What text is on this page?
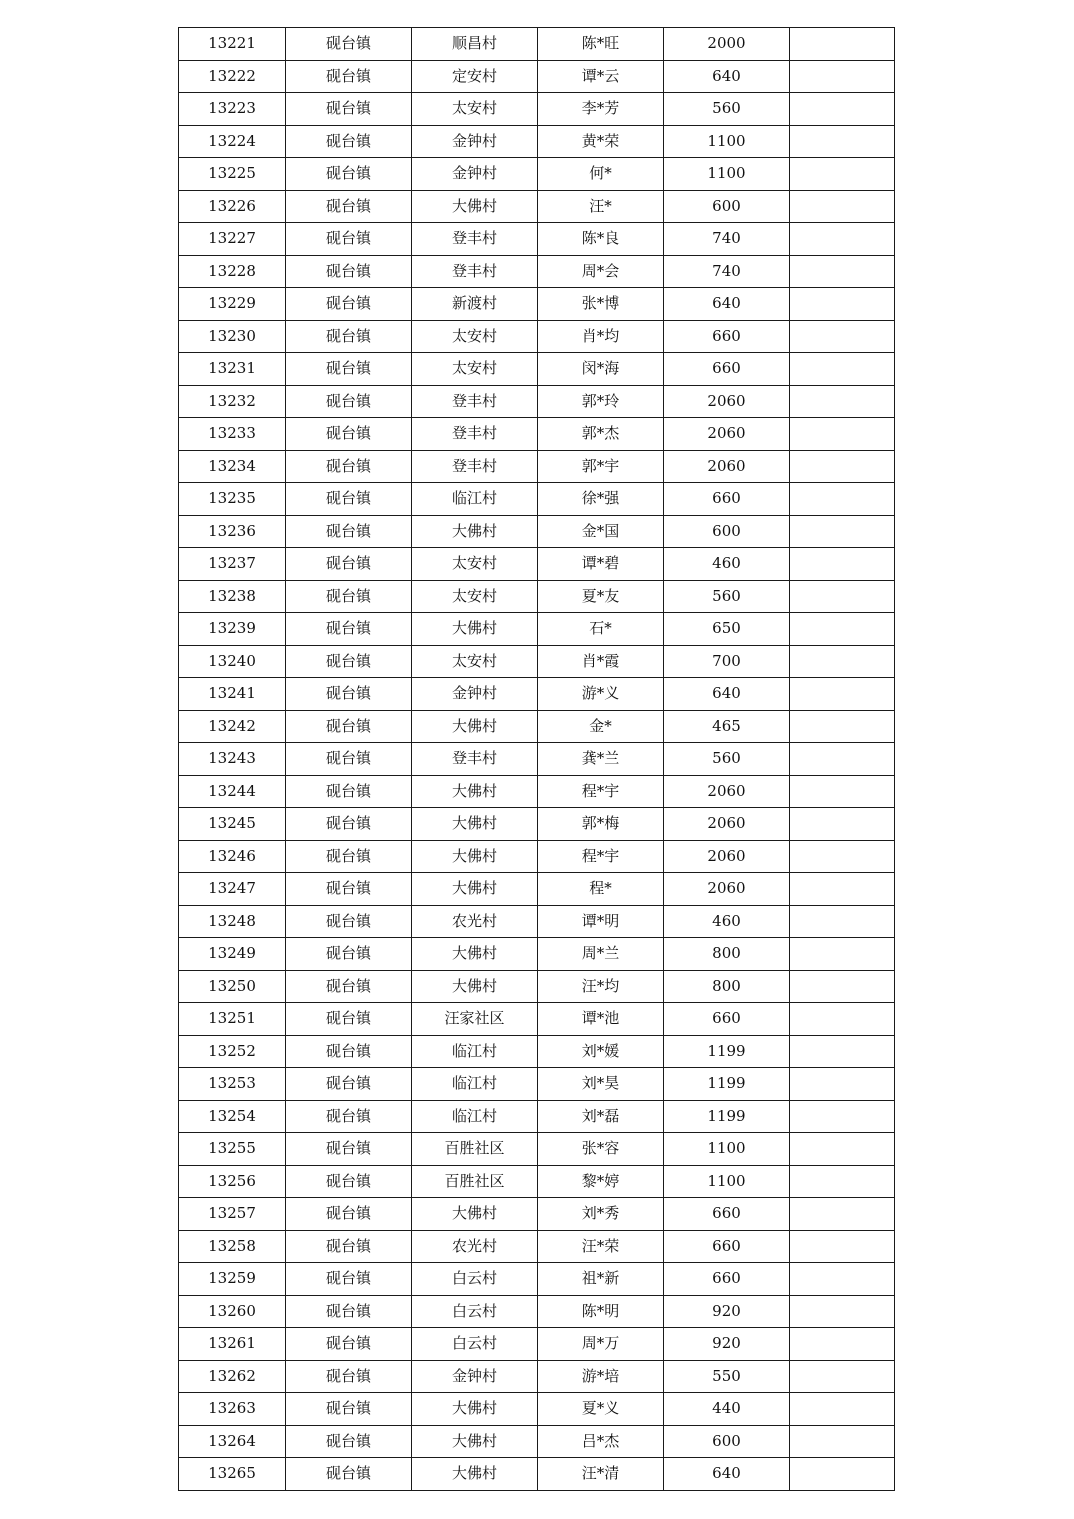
13221	砚台镇	顺昌村	陈*旺	2000	
13222	砚台镇	定安村	谭*云	640	
13223	砚台镇	太安村	李*芳	560	
13224	砚台镇	金钟村	黄*荣	1100	
13225	砚台镇	金钟村	何*	1100	
13226	砚台镇	大佛村	汪*	600	
13227	砚台镇	登丰村	陈*良	740	
13228	砚台镇	登丰村	周*会	740	
13229	砚台镇	新渡村	张*博	640	
13230	砚台镇	太安村	肖*均	660	
13231	砚台镇	太安村	闵*海	660	
13232	砚台镇	登丰村	郭*玲	2060	
13233	砚台镇	登丰村	郭*杰	2060	
13234	砚台镇	登丰村	郭*宇	2060	
13235	砚台镇	临江村	徐*强	660	
13236	砚台镇	大佛村	金*国	600	
13237	砚台镇	太安村	谭*碧	460	
13238	砚台镇	太安村	夏*友	560	
13239	砚台镇	大佛村	石*	650	
13240	砚台镇	太安村	肖*霞	700	
13241	砚台镇	金钟村	游*义	640	
13242	砚台镇	大佛村	金*	465	
13243	砚台镇	登丰村	龚*兰	560	
13244	砚台镇	大佛村	程*宇	2060	
13245	砚台镇	大佛村	郭*梅	2060	
13246	砚台镇	大佛村	程*宇	2060	
13247	砚台镇	大佛村	程*	2060	
13248	砚台镇	农光村	谭*明	460	
13249	砚台镇	大佛村	周*兰	800	
13250	砚台镇	大佛村	汪*均	800	
13251	砚台镇	汪家社区	谭*池	660	
13252	砚台镇	临江村	刘*媛	1199	
13253	砚台镇	临江村	刘*昊	1199	
13254	砚台镇	临江村	刘*磊	1199	
13255	砚台镇	百胜社区	张*容	1100	
13256	砚台镇	百胜社区	黎*婷	1100	
13257	砚台镇	大佛村	刘*秀	660	
13258	砚台镇	农光村	汪*荣	660	
13259	砚台镇	白云村	祖*新	660	
13260	砚台镇	白云村	陈*明	920	
13261	砚台镇	白云村	周*万	920	
13262	砚台镇	金钟村	游*培	550	
13263	砚台镇	大佛村	夏*义	440	
13264	砚台镇	大佛村	吕*杰	600	
13265	砚台镇	大佛村	汪*清	640	
